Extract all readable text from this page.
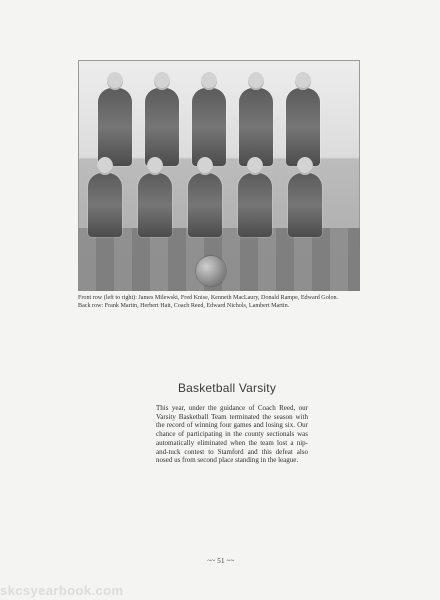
Front row (left to right): James Milewski, Fred Knise, Kenneth MacLaury, Donald Rampe, Edward Golon.
Back row: Frank Martin, Herbert Hait, Coach Reed, Edward Nichols, Lambert Martin.
Basketball Varsity
This year, under the guidance of Coach Reed, our Varsity Basketball Team terminated the season with the record of winning four games and losing six. Our chance of participating in the county sectionals was automatically eliminated when the team lost a nip-and-tuck contest to Stamford and this defeat also nosed us from second place standing in the league.
~~ 51 ~~
skcsyearbook.com
